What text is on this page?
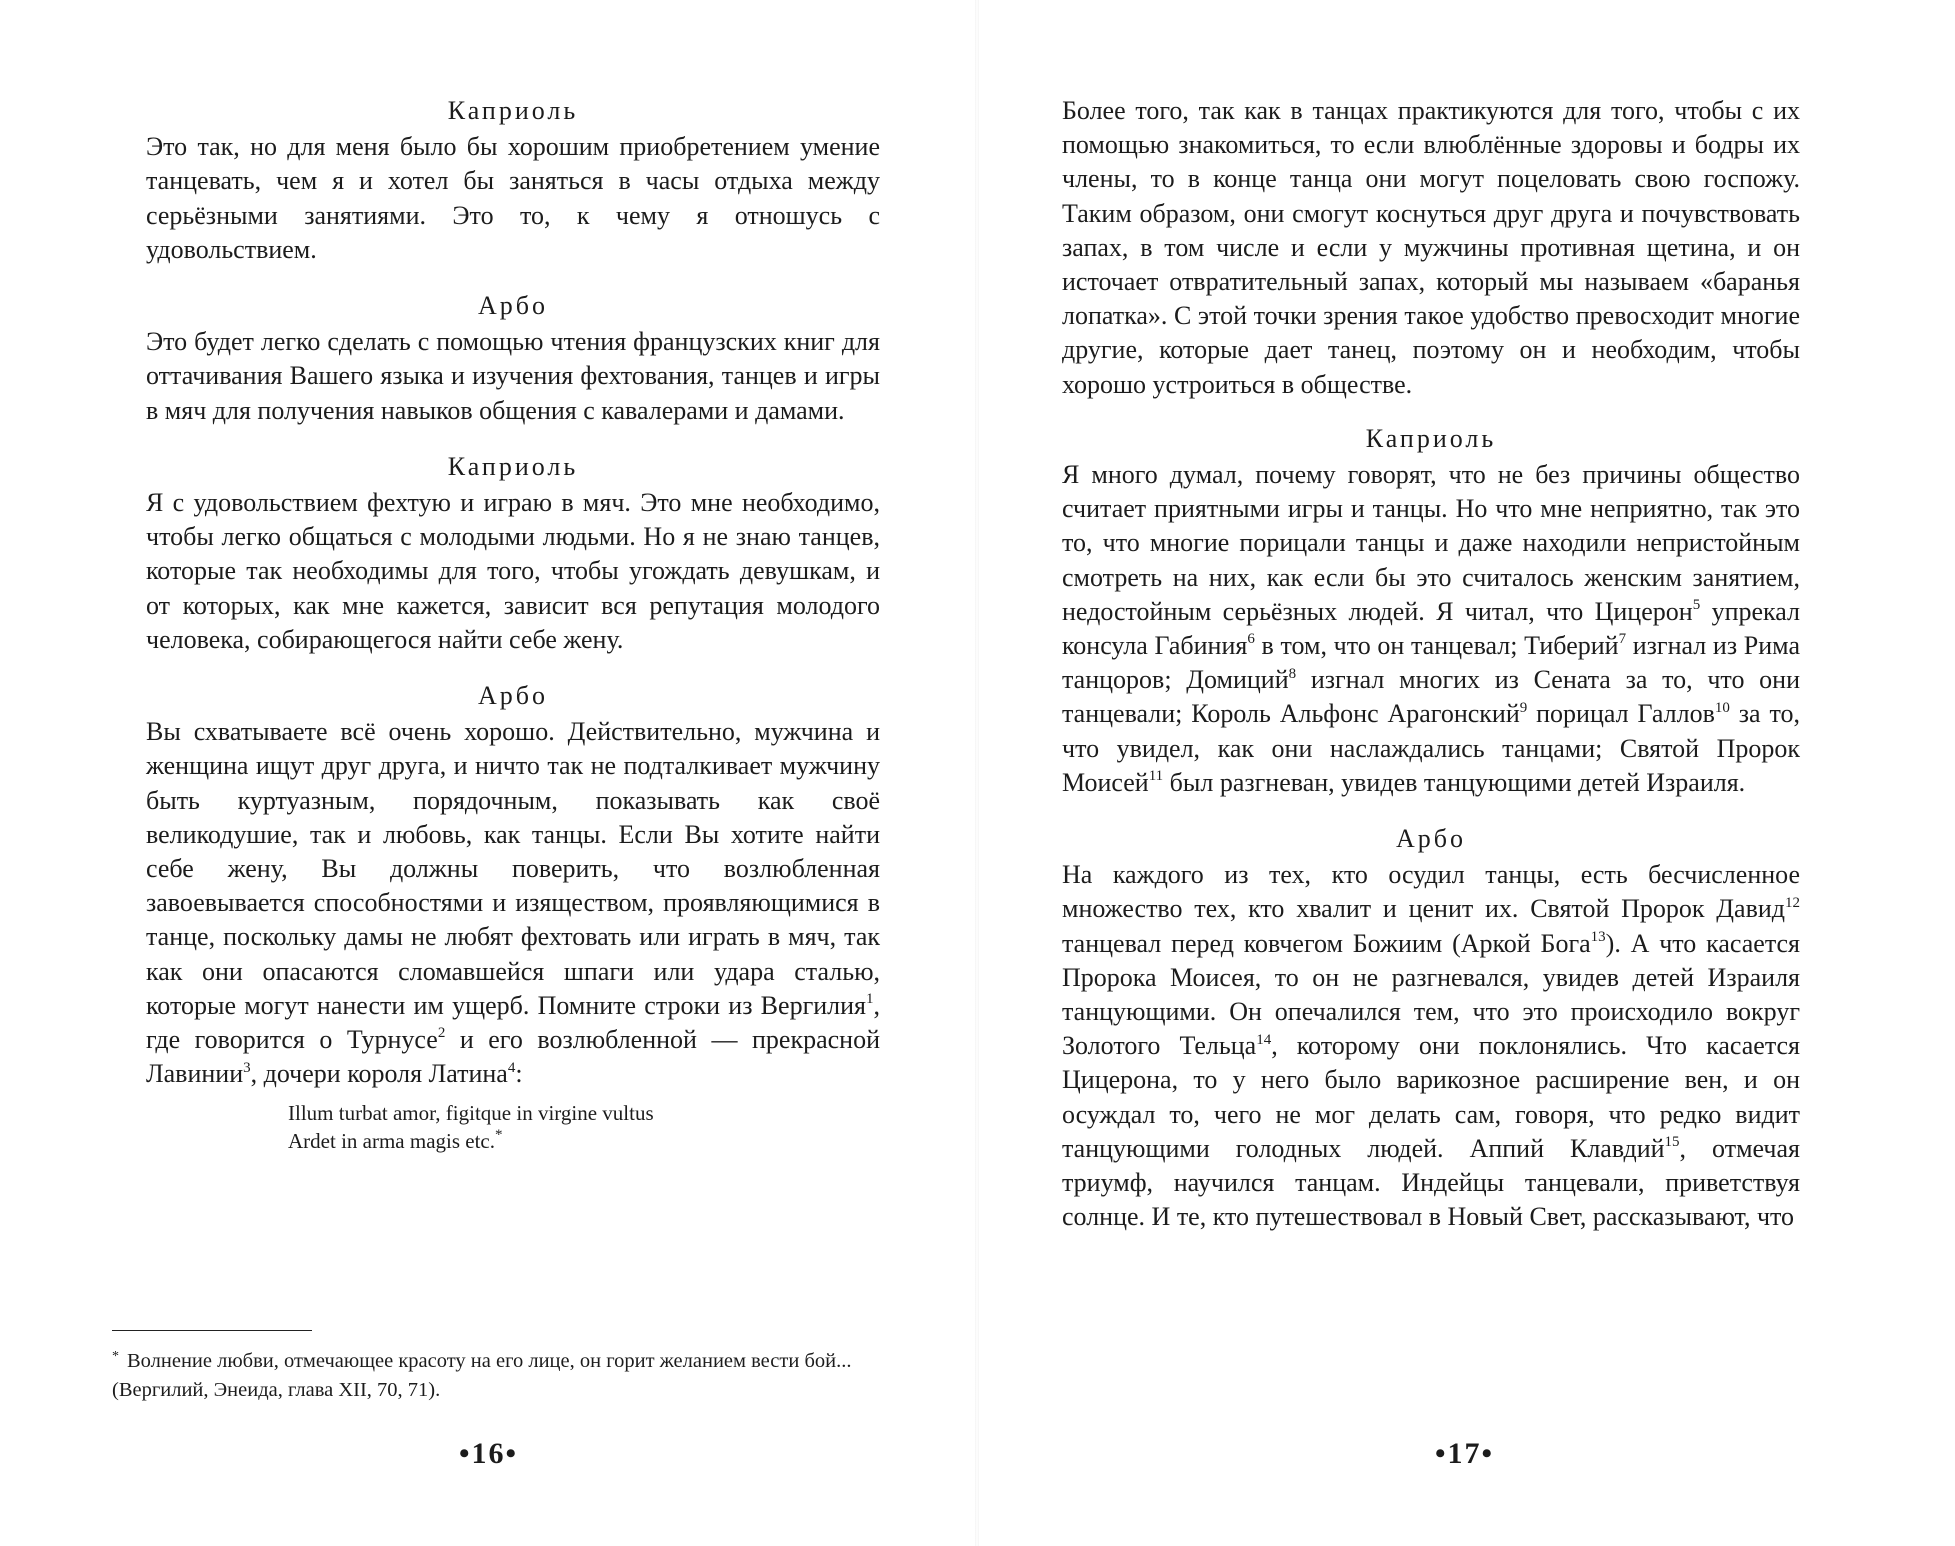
Каприоль

Это так, но для меня было бы хорошим приобретением умение танцевать, чем я и хотел бы заняться в часы отдыха между серьёзными занятиями. Это то, к чему я отношусь с удовольствием.

Арбо

Это будет легко сделать с помощью чтения французских книг для оттачивания Вашего языка и изучения фехтования, танцев и игры в мяч для получения навыков общения с кавалерами и дамами.

Каприоль

Я с удовольствием фехтую и играю в мяч. Это мне необходимо, чтобы легко общаться с молодыми людьми. Но я не знаю танцев, которые так необходимы для того, чтобы угождать девушкам, и от которых, как мне кажется, зависит вся репутация молодого человека, собирающегося найти себе жену.

Арбо

Вы схватываете всё очень хорошо. Действительно, мужчина и женщина ищут друг друга, и ничто так не подталкивает мужчину быть куртуазным, порядочным, показывать как своё великодушие, так и любовь, как танцы. Если Вы хотите найти себе жену, Вы должны поверить, что возлюбленная завоевывается способностями и изяществом, проявляющимися в танце, поскольку дамы не любят фехтовать или играть в мяч, так как они опасаются сломавшейся шпаги или удара сталью, которые могут нанести им ущерб. Помните строки из Вергилия$^1$, где говорится о Турнусе$^2$ и его возлюбленной — прекрасной Лавинии$^3$, дочери короля Латина$^4$:

Illum turbat amor, figitque in virgine vultus
Ardet in arma magis etc.*
* Волнение любви, отмечающее красоту на его лице, он горит желанием вести бой... (Вергилий, Энеида, глава XII, 70, 71).
•16•

Более того, так как в танцах практикуются для того, чтобы с их помощью знакомиться, то если влюблённые здоровы и бодры их члены, то в конце танца они могут поцеловать свою госпожу. Таким образом, они смогут коснуться друг друга и почувствовать запах, в том числе и если у мужчины противная щетина, и он источает отвратительный запах, который мы называем «баранья лопатка». С этой точки зрения такое удобство превосходит многие другие, которые дает танец, поэтому он и необходим, чтобы хорошо устроиться в обществе.

Каприоль

Я много думал, почему говорят, что не без причины общество считает приятными игры и танцы. Но что мне неприятно, так это то, что многие порицали танцы и даже находили непристойным смотреть на них, как если бы это считалось женским занятием, недостойным серьёзных людей. Я читал, что Цицерон$^5$ упрекал консула Габиния$^6$ в том, что он танцевал; Тиберий$^7$ изгнал из Рима танцоров; Домиций$^8$ изгнал многих из Сената за то, что они танцевали; Король Альфонс Арагонский$^9$ порицал Галлов$^{10}$ за то, что увидел, как они наслаждались танцами; Святой Пророк Моисей$^{11}$ был разгневан, увидев танцующими детей Израиля.

Арбо

На каждого из тех, кто осудил танцы, есть бесчисленное множество тех, кто хвалит и ценит их. Святой Пророк Давид$^{12}$ танцевал перед ковчегом Божиим (Аркой Бога$^{13}$). А что касается Пророка Моисея, то он не разгневался, увидев детей Израиля танцующими. Он опечалился тем, что это происходило вокруг Золотого Тельца$^{14}$, которому они поклонялись. Что касается Цицерона, то у него было варикозное расширение вен, и он осуждал то, чего не мог делать сам, говоря, что редко видит танцующими голодных людей. Аппий Клавдий$^{15}$, отмечая триумф, научился танцам. Индейцы танцевали, приветствуя солнце. И те, кто путешествовал в Новый Свет, рассказывают, что

•17•
